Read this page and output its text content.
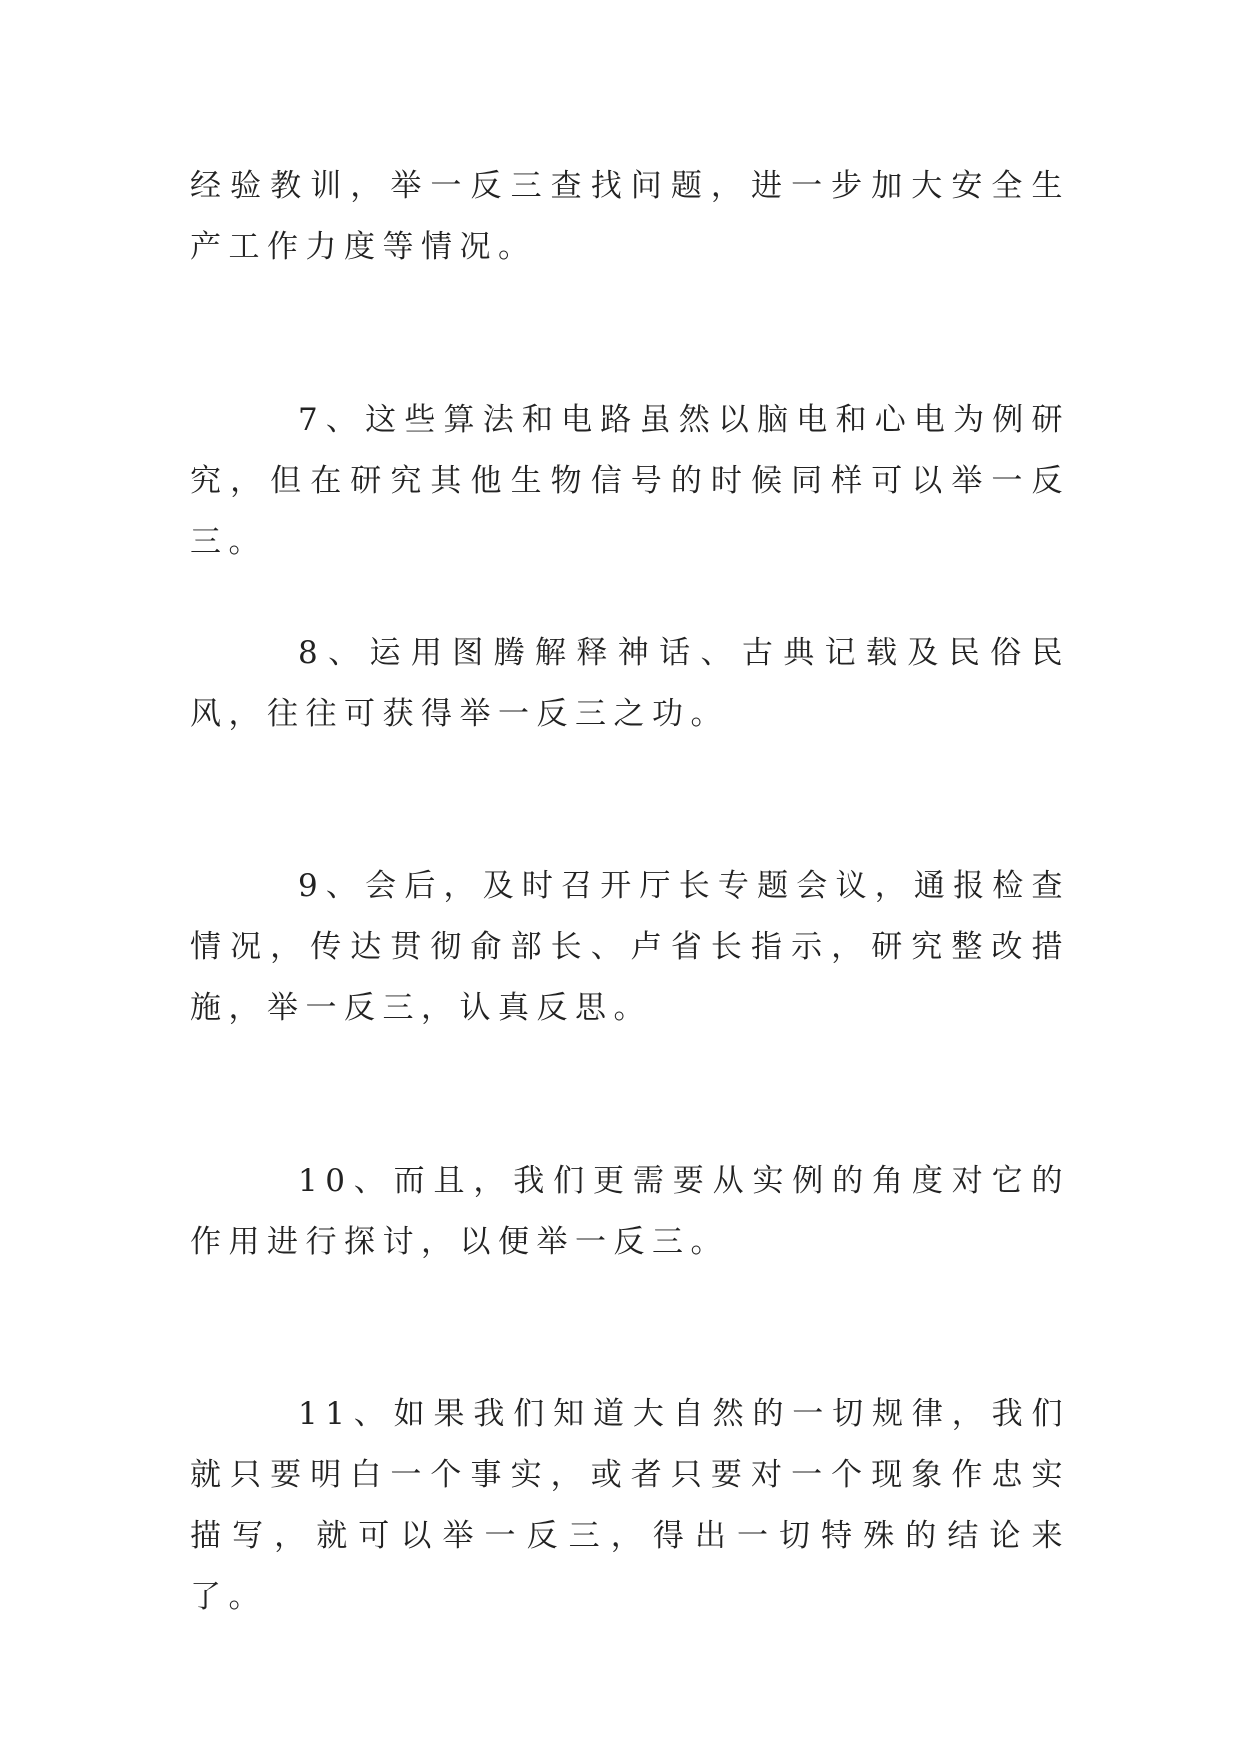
经验教训，举一反三查找问题，进一步加大安全生产工作力度等情况。

7、这些算法和电路虽然以脑电和心电为例研究，但在研究其他生物信号的时候同样可以举一反三。

8、运用图腾解释神话、古典记载及民俗民风，往往可获得举一反三之功。

9、会后，及时召开厅长专题会议，通报检查情况，传达贯彻俞部长、卢省长指示，研究整改措施，举一反三，认真反思。

10、而且，我们更需要从实例的角度对它的作用进行探讨，以便举一反三。

11、如果我们知道大自然的一切规律，我们就只要明白一个事实，或者只要对一个现象作忠实描写，就可以举一反三，得出一切特殊的结论来了。
